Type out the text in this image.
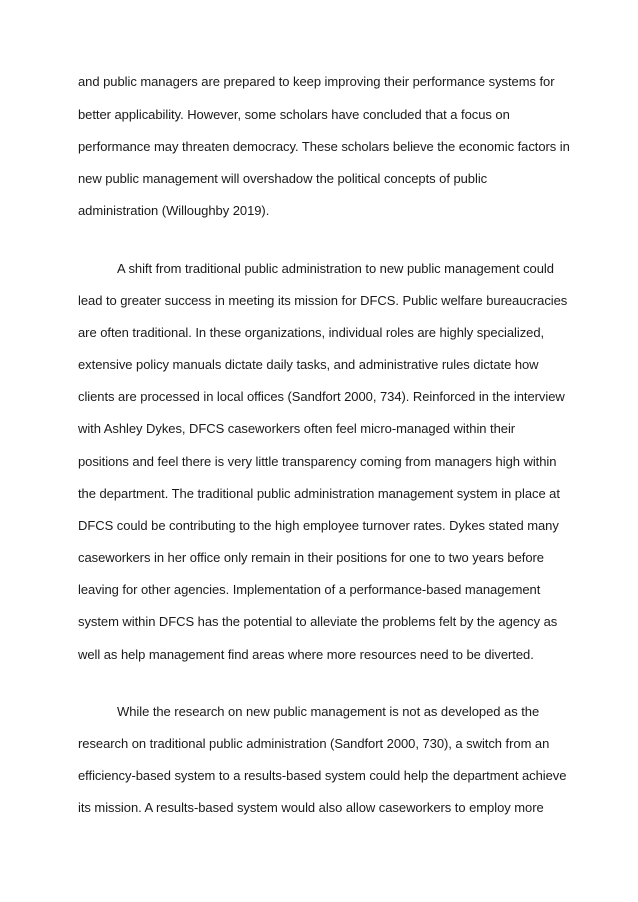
and public managers are prepared to keep improving their performance systems for
better applicability. However, some scholars have concluded that a focus on
performance may threaten democracy. These scholars believe the economic factors in
new public management will overshadow the political concepts of public
administration (Willoughby 2019).
A shift from traditional public administration to new public management could
lead to greater success in meeting its mission for DFCS. Public welfare bureaucracies
are often traditional. In these organizations, individual roles are highly specialized,
extensive policy manuals dictate daily tasks, and administrative rules dictate how
clients are processed in local offices (Sandfort 2000, 734). Reinforced in the interview
with Ashley Dykes, DFCS caseworkers often feel micro-managed within their
positions and feel there is very little transparency coming from managers high within
the department. The traditional public administration management system in place at
DFCS could be contributing to the high employee turnover rates. Dykes stated many
caseworkers in her office only remain in their positions for one to two years before
leaving for other agencies. Implementation of a performance-based management
system within DFCS has the potential to alleviate the problems felt by the agency as
well as help management find areas where more resources need to be diverted.
While the research on new public management is not as developed as the
research on traditional public administration (Sandfort 2000, 730), a switch from an
efficiency-based system to a results-based system could help the department achieve
its mission. A results-based system would also allow caseworkers to employ more
